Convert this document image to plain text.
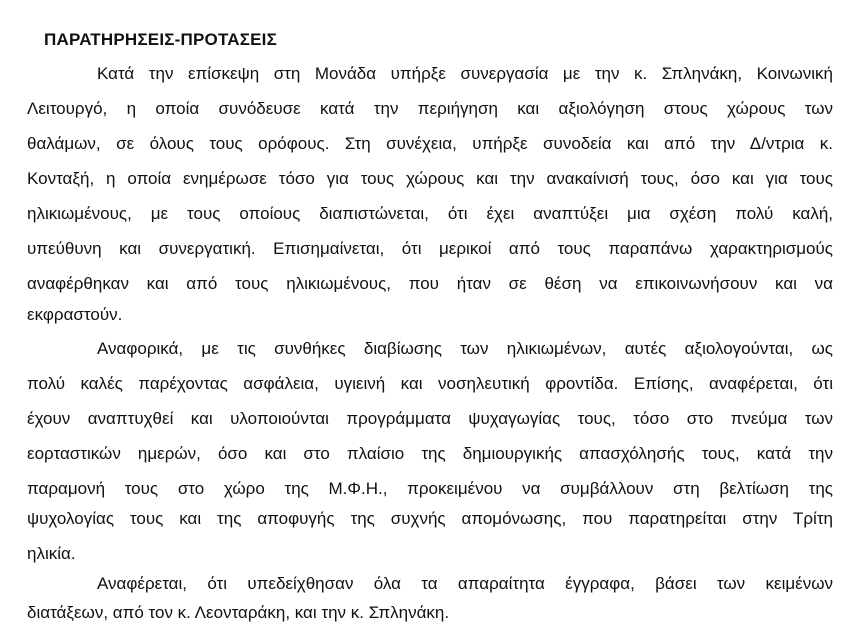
ΠΑΡΑΤΗΡΗΣΕΙΣ-ΠΡΟΤΑΣΕΙΣ

Κατά την επίσκεψη στη Μονάδα υπήρξε συνεργασία με την κ. Σπληνάκη, Κοινωνική

Λειτουργό, η οποία συνόδευσε κατά την περιήγηση και αξιολόγηση στους χώρους των

θαλάμων, σε όλους τους ορόφους. Στη συνέχεια, υπήρξε συνοδεία και από την Δ/ντρια κ.

Κονταξή, η οποία ενημέρωσε τόσο για τους χώρους και την ανακαίνισή τους, όσο και για τους

ηλικιωμένους, με τους οποίους διαπιστώνεται, ότι έχει αναπτύξει μια σχέση πολύ καλή,

υπεύθυνη και συνεργατική. Επισημαίνεται, ότι μερικοί από τους παραπάνω χαρακτηρισμούς

αναφέρθηκαν και από τους ηλικιωμένους, που ήταν σε θέση να επικοινωνήσουν και να

εκφραστούν.

Αναφορικά, με τις συνθήκες διαβίωσης των ηλικιωμένων, αυτές αξιολογούνται, ως

πολύ καλές παρέχοντας ασφάλεια, υγιεινή και νοσηλευτική φροντίδα. Επίσης, αναφέρεται, ότι

έχουν αναπτυχθεί και υλοποιούνται προγράμματα ψυχαγωγίας τους, τόσο στο πνεύμα των

εορταστικών ημερών, όσο και στο πλαίσιο της δημιουργικής απασχόλησής τους, κατά την

παραμονή τους στο χώρο της Μ.Φ.Η., προκειμένου να συμβάλλουν στη βελτίωση της

ψυχολογίας τους και της αποφυγής της συχνής απομόνωσης, που παρατηρείται στην Τρίτη

ηλικία.

Αναφέρεται, ότι υπεδείχθησαν όλα τα απαραίτητα έγγραφα, βάσει των κειμένων

διατάξεων, από τον κ. Λεονταράκη, και την κ. Σπληνάκη.
